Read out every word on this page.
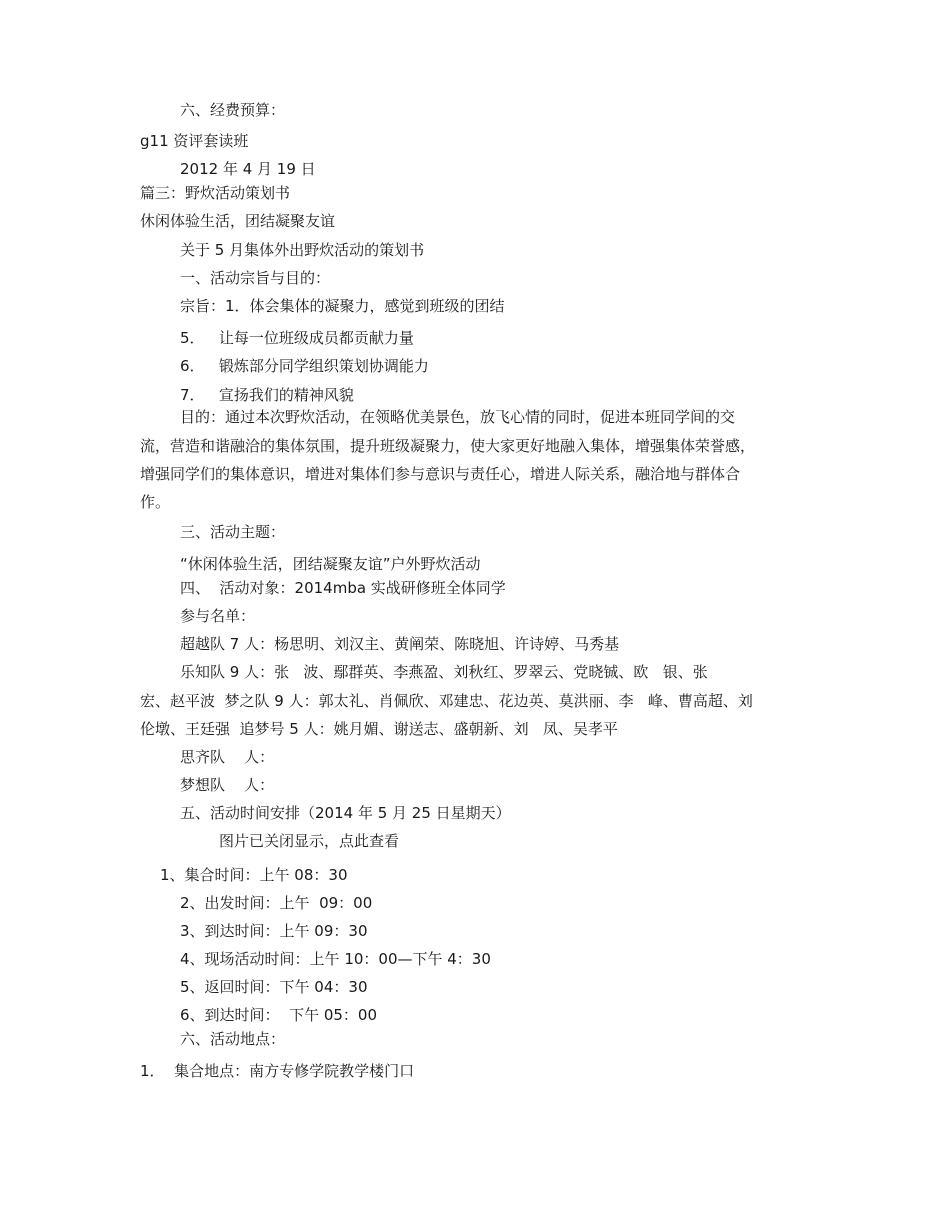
六、经费预算：
g11 资评套读班
2012 年 4 月 19 日
篇三：野炊活动策划书
休闲体验生活，团结凝聚友谊
关于 5 月集体外出野炊活动的策划书
一、活动宗旨与目的：
宗旨：1．体会集体的凝聚力，感觉到班级的团结
5．   让每一位班级成员都贡献力量
6．   锻炼部分同学组织策划协调能力
7．   宣扬我们的精神风貌
目的：通过本次野炊活动，在领略优美景色，放飞心情的同时，促进本班同学间的交
流，营造和谐融洽的集体氛围，提升班级凝聚力，使大家更好地融入集体，增强集体荣誉感，
增强同学们的集体意识，增进对集体们参与意识与责任心，增进人际关系，融洽地与群体合
作。
三、活动主题：
“休闲体验生活，团结凝聚友谊”户外野炊活动
四、  活动对象：2014mba 实战研修班全体同学
参与名单：
超越队 7 人：杨思明、刘汉主、黄阐荣、陈晓旭、许诗婷、马秀基
乐知队 9 人：张   波、鄢群英、李燕盈、刘秋红、罗翠云、党晓铖、欧   银、张
宏、赵平波  梦之队 9 人：郭太礼、肖佩欣、邓建忠、花边英、莫洪丽、李   峰、曹高超、刘
伦墩、王廷强  追梦号 5 人：姚月媚、谢送志、盛朝新、刘   凤、吴孝平
思齐队    人：
梦想队    人：
五、活动时间安排（2014 年 5 月 25 日星期天）
图片已关闭显示，点此查看
1、集合时间：上午 08：30
2、出发时间：上午  09：00
3、到达时间：上午 09：30
4、现场活动时间：上午 10：00—下午 4：30
5、返回时间：下午 04：30
6、到达时间：  下午 05：00
六、活动地点：
1．  集合地点：南方专修学院教学楼门口
